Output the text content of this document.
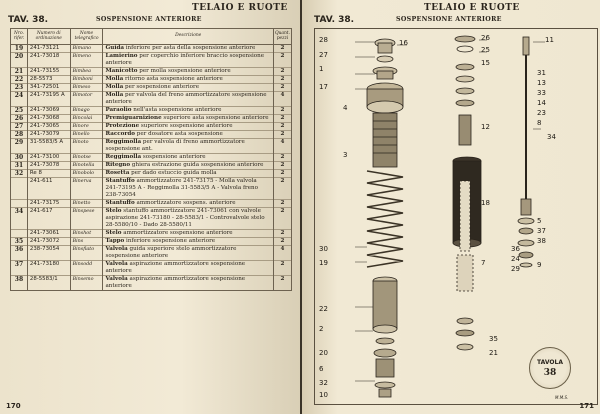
TELAIO E RUOTE
TAV. 38.	SOSPENSIONE ANTERIORE
Nro. rifer.	Numero di ordinazione	Nome telegrafico	Descrizione	Quant. pezzi
19	241-73121	Bimano	Guida inferiore per asta della sospensione anteriore	2
20	241-73018	Bimeno	Lamierino per coperchio inferiore braccio sospensione anteriore	2
21	241-73155	Bimbea	Manicotto per molla sospensione anteriore	2
22	28-5573	Bimboni	Molla ritorno asta sospensione anteriore	2
23	341-72501	Bimeso	Molla per sospensione anteriore	2
24	241-73195 A	Bimotor	Molla per valvola del freno ammortizzatore sospensione anteriore	4
25	241-73069	Binago	Paraolio nell'asta sospensione anteriore	2
26	241-73068	Bincolai	Premiguarnizione superiore asta sospensione anteriore	2
27	241-73065	Binore	Protezione superiore sospensione anteriore	2
28	241-73079	Binello	Raccordo per dosatore asta sospensione	2
29	31-5583/5 A	Binoto	Reggimolla per valvola di freno ammortizzatore sospensione ant.	4
30	241-73100	Binotse	Reggimolla sospensione anteriore	2
31	241-73078	Binotella	Ritegno ghiera estrazione guida sospensione anteriore	2
32	Re 8	Binobolo	Rosetta per dado estuccio guida molla	2
	241-611	Binerva	Stantuffo ammortizzatore 241-73175 - Molla valvola 241-73195 A - Reggimolla 31-5583/5 A - Valvola freno 238-73054	2
	241-73175	Binetto	Stantuffo ammortizzatore sospens. anteriore	2
34	241-617	Binspese	Stelo stantuffo ammortizzatore 241-73061 con valvole aspirazione 241-73180 - 28-5583/1 - Controvalvole stelo 28-5580/10 - Dado 28-5580/11	2
	241-73061	Binshot	Stelo ammortizzatore sospensione anteriore	2
35	241-73072	Bins	Tappo inferiore sospensione anteriore	2
36	238-73054	Binsfiato	Valvola guida superiore stelo ammortizzatore sospensione anteriore	4
37	241-73180	Binsodd	Valvola aspirazione ammortizzatore sospensione anteriore	2
38	28-5583/1	Binsemo	Valvola aspirazione ammortizzatore sospensione anteriore	2
170
TELAIO E RUOTE
TAV. 38.	SOSPENSIONE ANTERIORE
28	16
27
1
17
26
25
15
4
12
18
3
7
30
19
22
2
20
6
32
10
11
31
13
33
14
23
8
34
5
37
38
36
24
29 9
35
21
TAVOLA
38
M.M.S.
171
